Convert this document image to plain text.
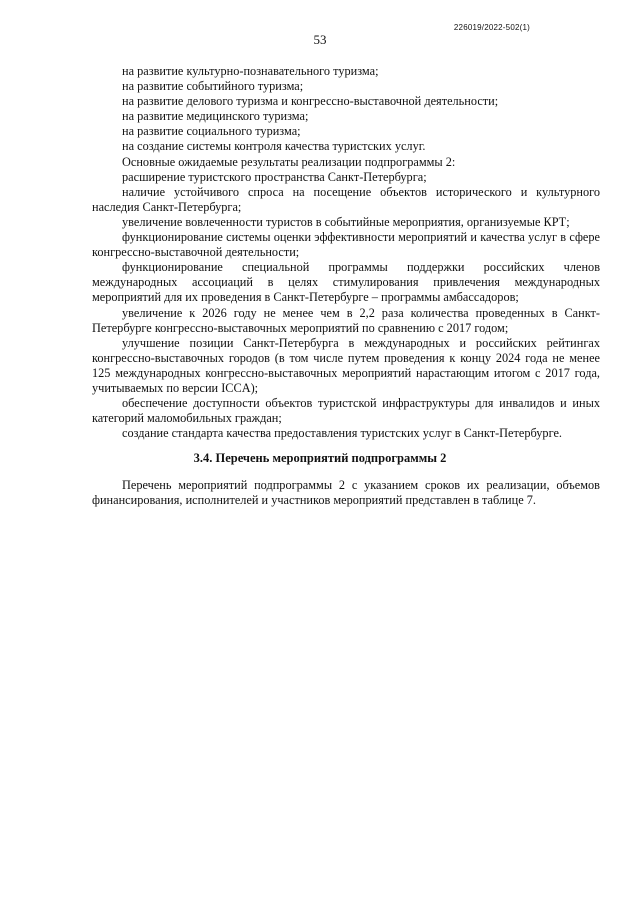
226019/2022-502(1)
53

на развитие культурно-познавательного туризма;

на развитие событийного туризма;

на развитие делового туризма и конгрессно-выставочной деятельности;

на развитие медицинского туризма;

на развитие социального туризма;

на создание системы контроля качества туристских услуг.

Основные ожидаемые результаты реализации подпрограммы 2:

расширение туристского пространства Санкт-Петербурга;

наличие устойчивого спроса на посещение объектов исторического и культурного наследия Санкт-Петербурга;

увеличение вовлеченности туристов в событийные мероприятия, организуемые КРТ;

функционирование системы оценки эффективности мероприятий и качества услуг в сфере конгрессно-выставочной деятельности;

функционирование специальной программы поддержки российских членов международных ассоциаций в целях стимулирования привлечения международных мероприятий для их проведения в Санкт-Петербурге – программы амбассадоров;

увеличение к 2026 году не менее чем в 2,2 раза количества проведенных в Санкт-Петербурге конгрессно-выставочных мероприятий по сравнению с 2017 годом;

улучшение позиции Санкт-Петербурга в международных и российских рейтингах конгрессно-выставочных городов (в том числе путем проведения к концу 2024 года не менее 125 международных конгрессно-выставочных мероприятий нарастающим итогом с 2017 года, учитываемых по версии ICCA);

обеспечение доступности объектов туристской инфраструктуры для инвалидов и иных категорий маломобильных граждан;

создание стандарта качества предоставления туристских услуг в Санкт-Петербурге.

3.4. Перечень мероприятий подпрограммы 2

Перечень мероприятий подпрограммы 2 с указанием сроков их реализации, объемов финансирования, исполнителей и участников мероприятий представлен в таблице 7.
